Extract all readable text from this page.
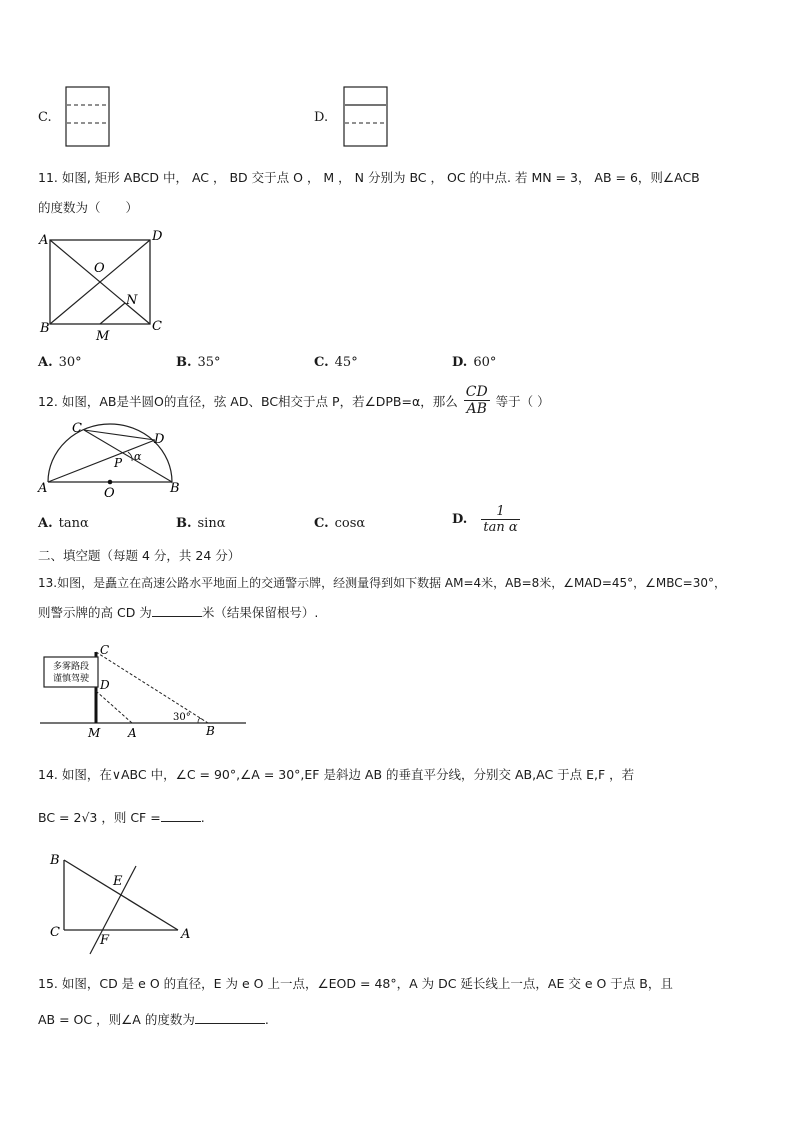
C.	D.
11. 如图, 矩形 ABCD 中， AC ， BD 交于点 O ， M ， N 分别为 BC ， OC 的中点. 若 MN = 3， AB = 6，则∠ACB
的度数为（　　）
A	D
O
N
B	C
M
A. 30°	B. 35°	C. 45°	D. 60°
12. 如图，AB是半圆O的直径，弦 AD、BC相交于点 P，若∠DPB=α，那么 $\frac{CD}{AB}$ 等于（ ）
C
D
P α
A	O	B
A. tanα	B. sinα	C. cosα	D. $\frac{1}{\text{tan α}}$
二、填空题（每题 4 分，共 24 分）
13.如图，是矗立在高速公路水平地面上的交通警示牌，经测量得到如下数据 AM=4米，AB=8米，∠MAD=45°，∠MBC=30°，
则警示牌的高 CD 为	米（结果保留根号）.
多雾路段
谨慎驾驶
C
D
30°
M A	B
14. 如图，在∨ABC 中，∠C = 90°,∠A = 30°,EF 是斜边 AB 的垂直平分线，分别交 AB,AC 于点 E,F ，若
BC = 2√3 ，则 CF =	.
B
E
C	A
F
15. 如图，CD 是 e O 的直径，E 为 e O 上一点，∠EOD = 48°，A 为 DC 延长线上一点，AE 交 e O 于点 B，且
AB = OC ，则∠A 的度数为	.
